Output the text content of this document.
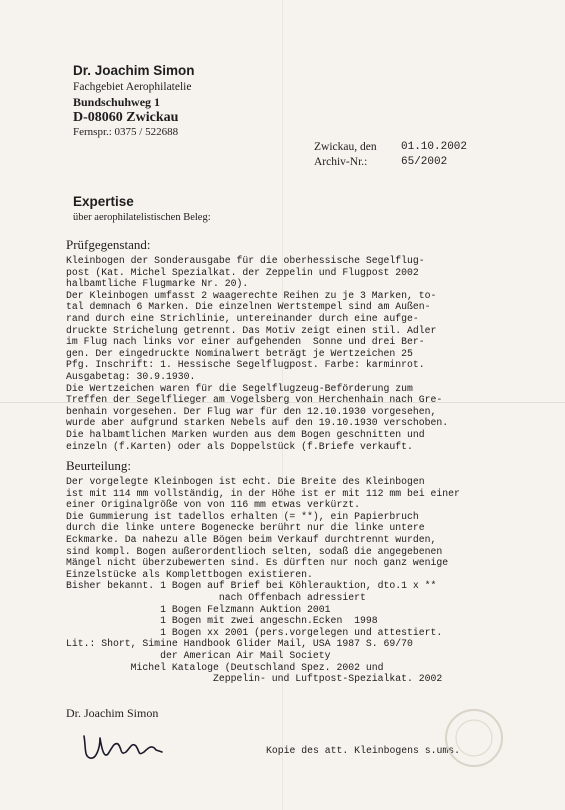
Dr. Joachim Simon
Fachgebiet Aerophilatelie
Bundschuhweg 1
D-08060 Zwickau
Fernspr.: 0375 / 522688
Zwickau, den 01.10.2002
Archiv-Nr.:	65/2002
Expertise
über aerophilatelistischen Beleg:
Prüfgegenstand:
Kleinbogen der Sonderausgabe für die oberhessische Segelflug-
post (Kat. Michel Spezialkat. der Zeppelin und Flugpost 2002
halbamtliche Flugmarke Nr. 20).
Der Kleinbogen umfasst 2 waagerechte Reihen zu je 3 Marken, to-
tal demnach 6 Marken. Die einzelnen Wertstempel sind am Außen-
rand durch eine Strichlinie, untereinander durch eine aufge-
druckte Strichelung getrennt. Das Motiv zeigt einen stil. Adler
im Flug nach links vor einer aufgehenden  Sonne und drei Ber-
gen. Der eingedruckte Nominalwert beträgt je Wertzeichen 25
Pfg. Inschrift: 1. Hessische Segelflugpost. Farbe: karminrot.
Ausgabetag: 30.9.1930.
Die Wertzeichen waren für die Segelflugzeug-Beförderung zum
Treffen der Segelflieger am Vogelsberg von Herchenhain nach Gre-
benhain vorgesehen. Der Flug war für den 12.10.1930 vorgesehen,
wurde aber aufgrund starken Nebels auf den 19.10.1930 verschoben.
Die halbamtlichen Marken wurden aus dem Bogen geschnitten und
einzeln (f.Karten) oder als Doppelstück (f.Briefe verkauft.
Beurteilung:
Der vorgelegte Kleinbogen ist echt. Die Breite des Kleinbogen
ist mit 114 mm vollständig, in der Höhe ist er mit 112 mm bei einer
einer Originalgröße von von 116 mm etwas verkürzt.
Die Gummierung ist tadellos erhalten (= **), ein Papierbruch
durch die linke untere Bogenecke berührt nur die linke untere
Eckmarke. Da nahezu alle Bögen beim Verkauf durchtrennt wurden,
sind kompl. Bogen außerordentlioch selten, sodaß die angegebenen
Mängel nicht überzubewerten sind. Es dürften nur noch ganz wenige
Einzelstücke als Komplettbogen existieren.
Bisher bekannt. 1 Bogen auf Brief bei Köhlerauktion, dto.1 x **
nach Offenbach adressiert
1 Bogen Felzmann Auktion 2001
1 Bogen mit zwei angeschn.Ecken  1998
1 Bogen xx 2001 (pers.vorgelegen und attestiert.
Lit.: Short, Simine Handbook Glider Mail, USA 1987 S. 69/70
der American Air Mail Society
Michel Kataloge (Deutschland Spez. 2002 und
Zeppelin- und Luftpost-Spezialkat. 2002
Dr. Joachim Simon
Kopie des att. Kleinbogens s.ums.
